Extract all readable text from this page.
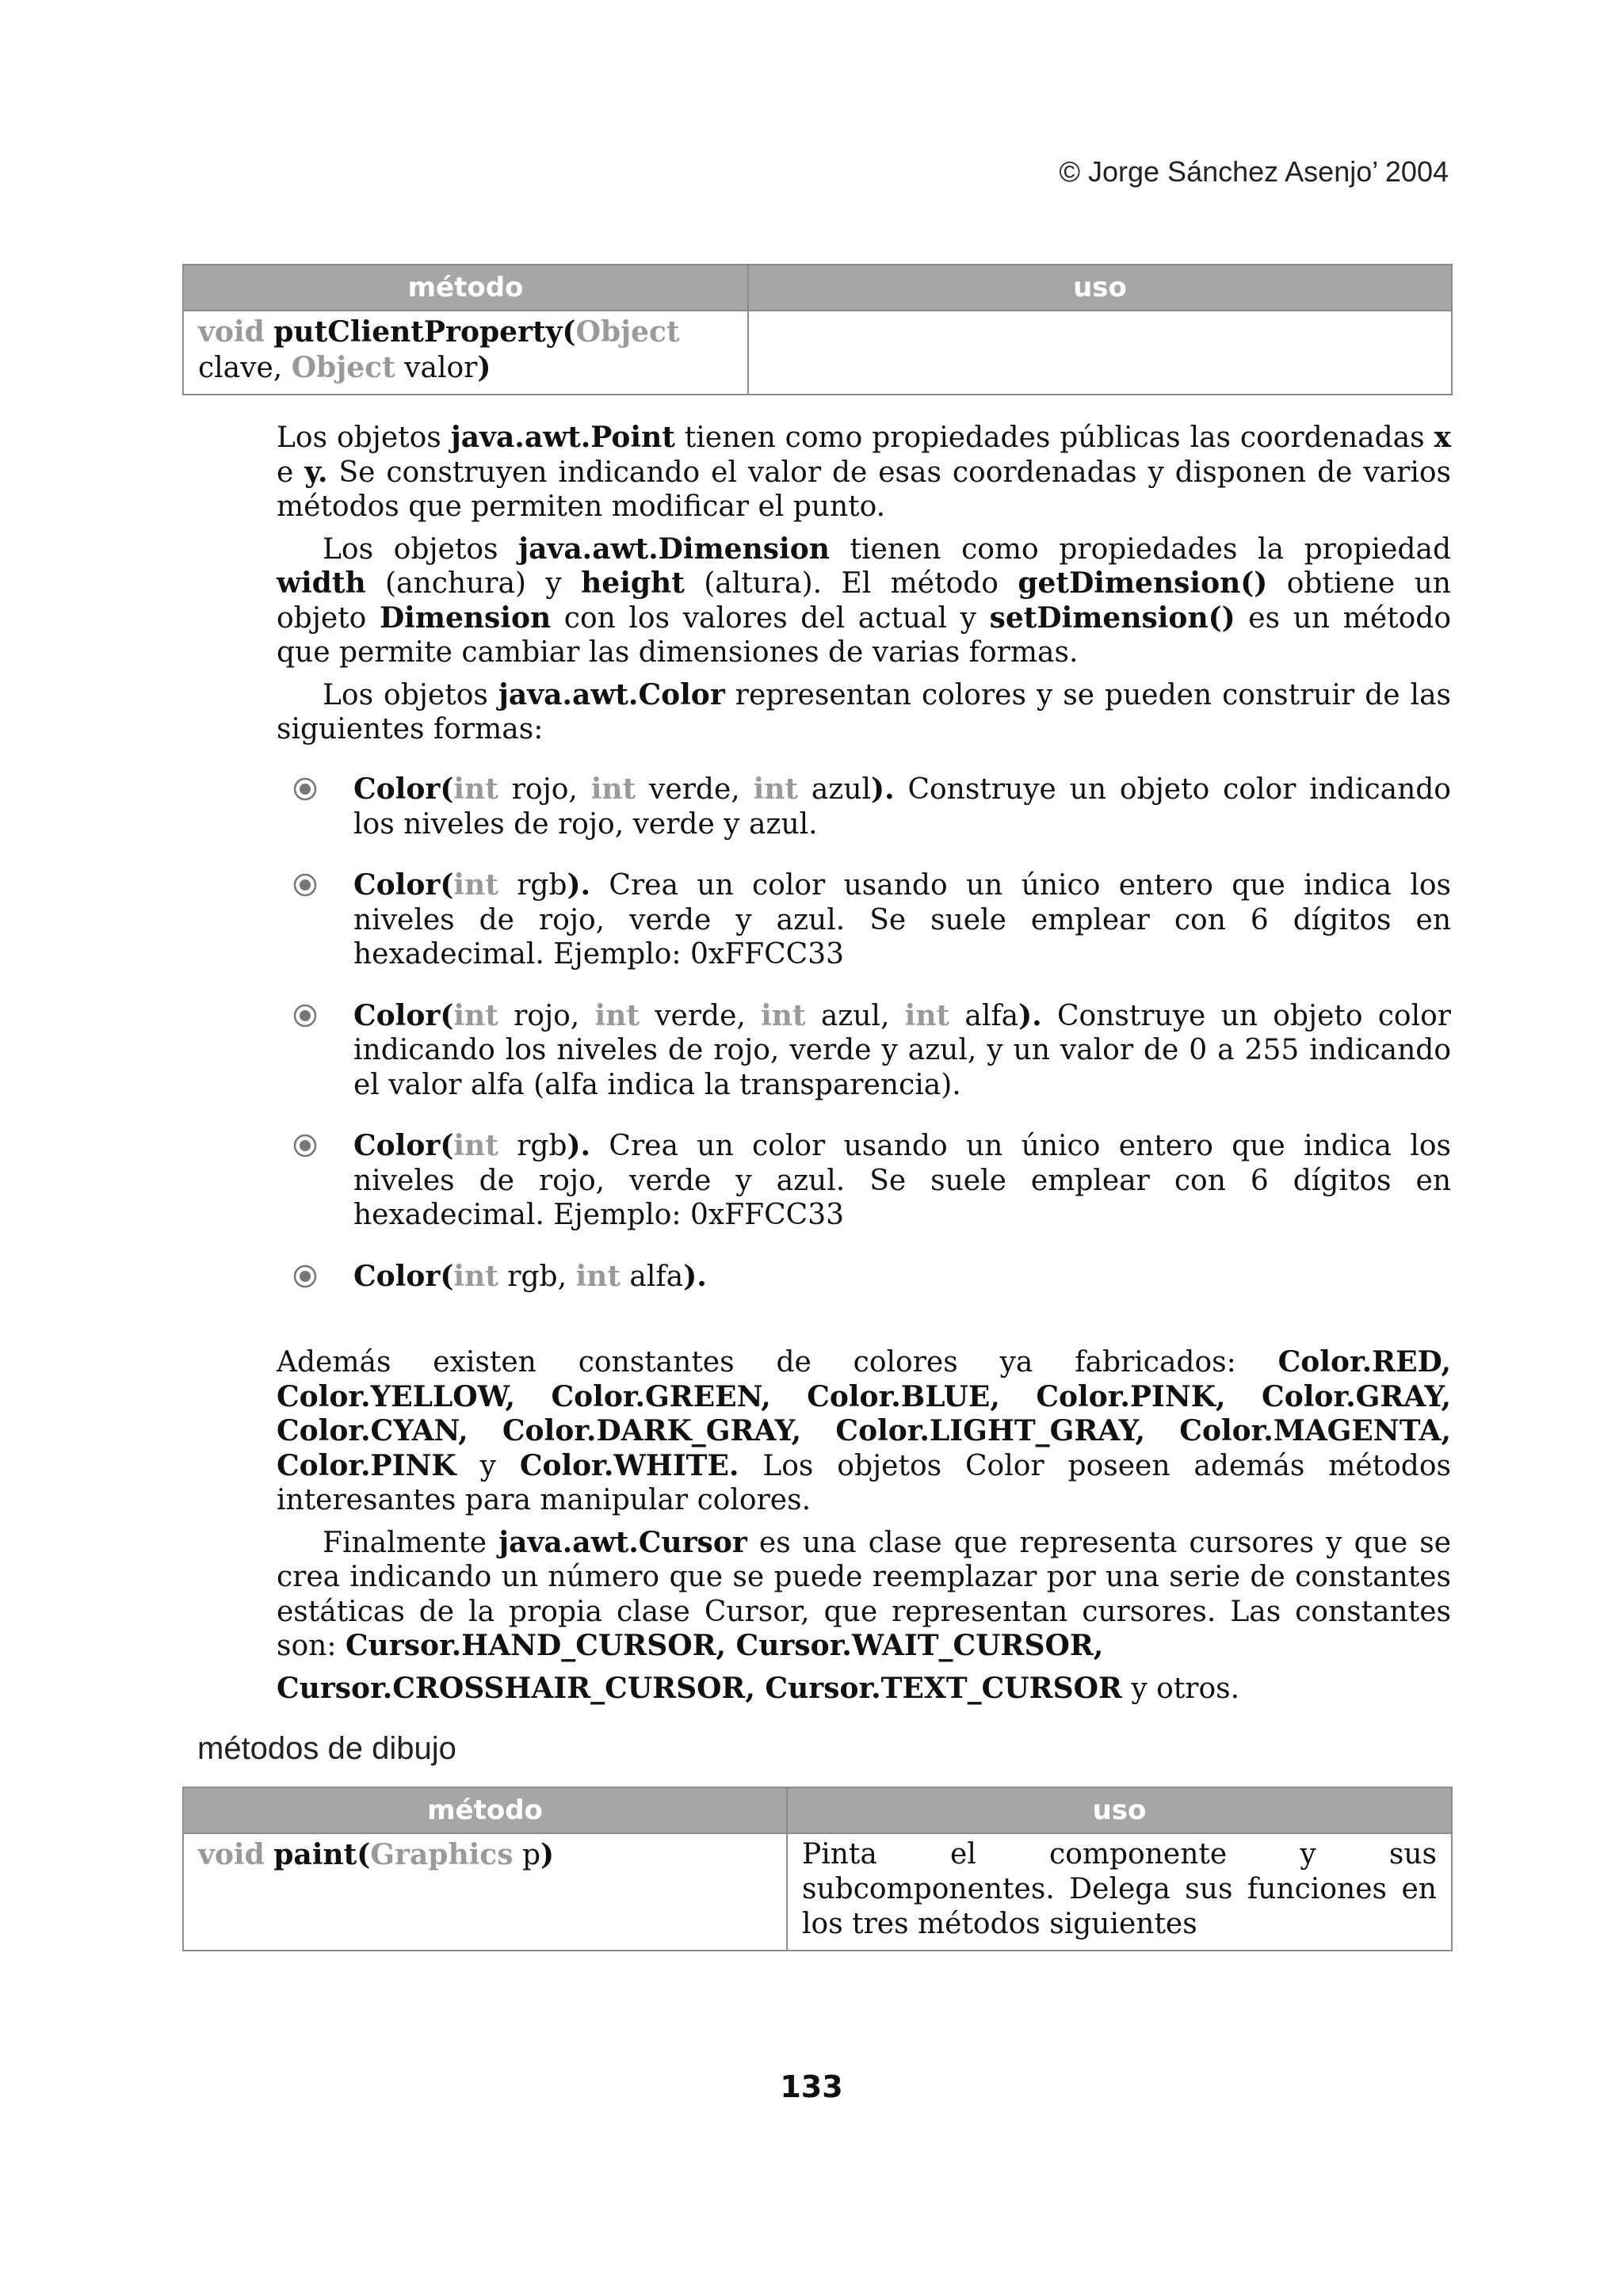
© Jorge Sánchez Asenjo’ 2004
método	uso
void putClientProperty(Object
clave, Object valor)	

Los objetos java.awt.Point tienen como propiedades públicas las coordenadas x e y. Se construyen indicando el valor de esas coordenadas y disponen de varios métodos que permiten modificar el punto.

Los objetos java.awt.Dimension tienen como propiedades la propiedad width (anchura) y height (altura). El método getDimension() obtiene un objeto Dimension con los valores del actual y setDimension() es un método que permite cambiar las dimensiones de varias formas.

Los objetos java.awt.Color representan colores y se pueden construir de las siguientes formas:

Color(int rojo, int verde, int azul). Construye un objeto color indicando los niveles de rojo, verde y azul.
Color(int rgb). Crea un color usando un único entero que indica los niveles de rojo, verde y azul. Se suele emplear con 6 dígitos en hexadecimal. Ejemplo: 0xFFCC33
Color(int rojo, int verde, int azul, int alfa). Construye un objeto color indicando los niveles de rojo, verde y azul, y un valor de 0 a 255 indicando el valor alfa (alfa indica la transparencia).
Color(int rgb). Crea un color usando un único entero que indica los niveles de rojo, verde y azul. Se suele emplear con 6 dígitos en hexadecimal. Ejemplo: 0xFFCC33
Color(int rgb, int alfa).

Además existen constantes de colores ya fabricados: Color.RED, Color.YELLOW, Color.GREEN, Color.BLUE, Color.PINK, Color.GRAY, Color.CYAN, Color.DARK_GRAY, Color.LIGHT_GRAY, Color.MAGENTA, Color.PINK y Color.WHITE. Los objetos Color poseen además métodos interesantes para manipular colores.

Finalmente java.awt.Cursor es una clase que representa cursores y que se crea indicando un número que se puede reemplazar por una serie de constantes estáticas de la propia clase Cursor, que representan cursores. Las constantes son: Cursor.HAND_CURSOR, Cursor.WAIT_CURSOR,

Cursor.CROSSHAIR_CURSOR, Cursor.TEXT_CURSOR y otros.

métodos de dibujo
método	uso
void paint(Graphics p)	Pinta el componente y sus subcomponentes. Delega sus funciones en los tres métodos siguientes
133
